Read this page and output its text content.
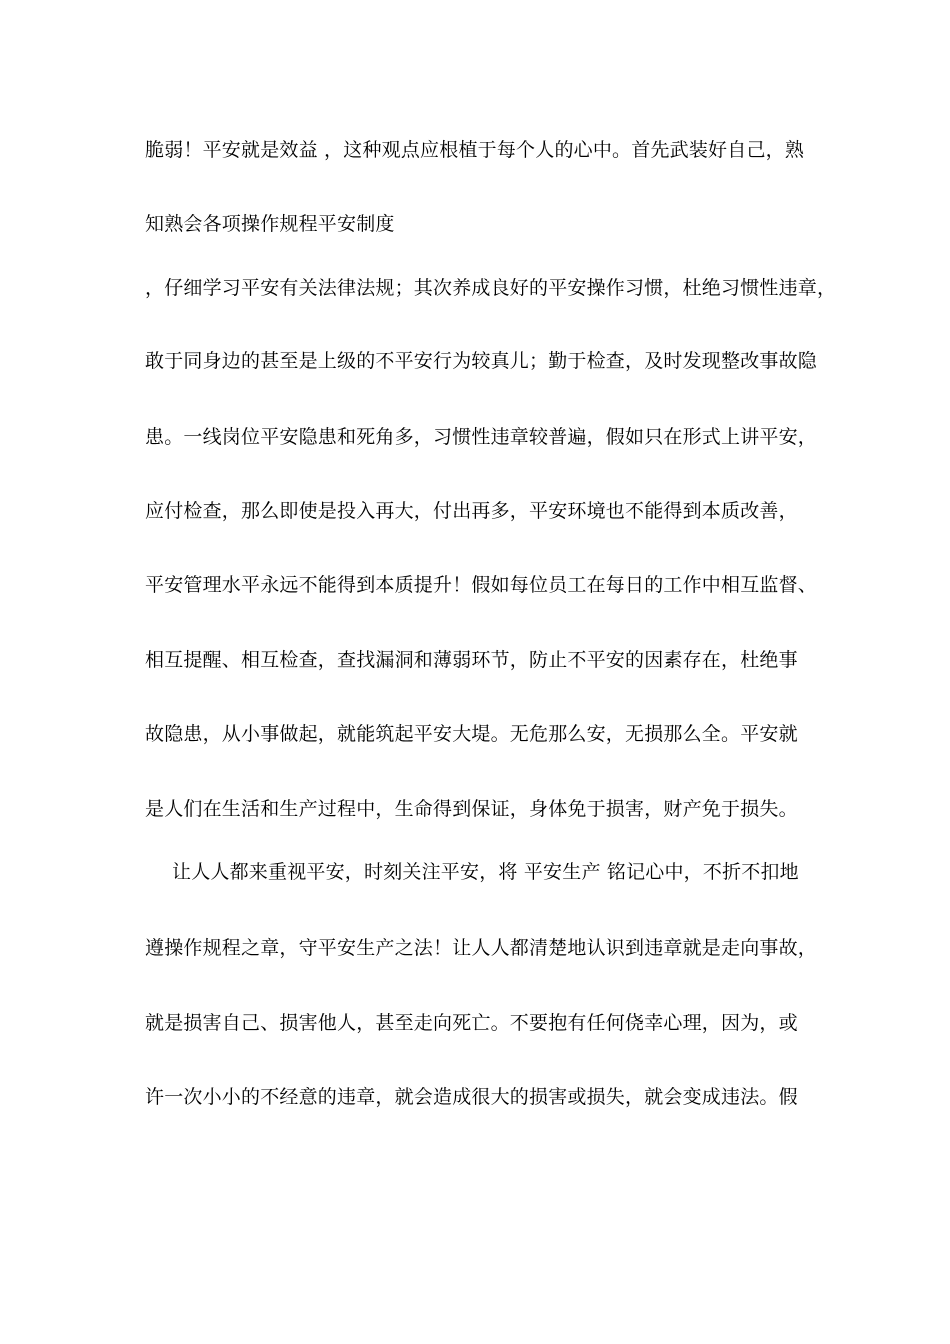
脆弱！平安就是效益 ，这种观点应根植于每个人的心中。首先武装好自己，熟
知熟会各项操作规程平安制度
，仔细学习平安有关法律法规；其次养成良好的平安操作习惯，杜绝习惯性违章，
敢于同身边的甚至是上级的不平安行为较真儿；勤于检查，及时发现整改事故隐
患。一线岗位平安隐患和死角多，习惯性违章较普遍，假如只在形式上讲平安，
应付检查，那么即使是投入再大，付出再多，平安环境也不能得到本质改善，
平安管理水平永远不能得到本质提升！假如每位员工在每日的工作中相互监督、
相互提醒、相互检查，查找漏洞和薄弱环节，防止不平安的因素存在，杜绝事
故隐患，从小事做起，就能筑起平安大堤。无危那么安，无损那么全。平安就
是人们在生活和生产过程中，生命得到保证，身体免于损害，财产免于损失。
让人人都来重视平安，时刻关注平安，将 平安生产 铭记心中，不折不扣地
遵操作规程之章，守平安生产之法！让人人都清楚地认识到违章就是走向事故，
就是损害自己、损害他人，甚至走向死亡。不要抱有任何侥幸心理，因为，或
许一次小小的不经意的违章，就会造成很大的损害或损失，就会变成违法。假
